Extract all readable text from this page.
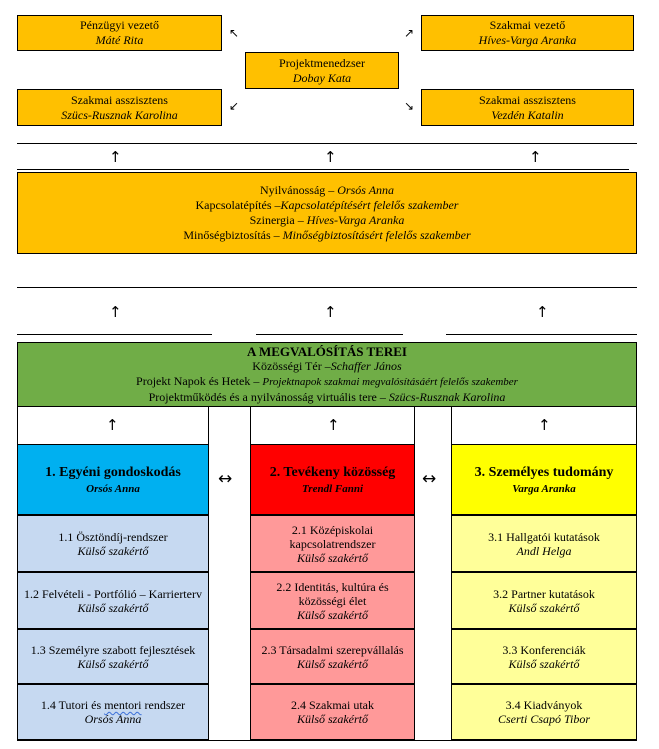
Pénzügyi vezető
Máté Rita
Szakmai vezető
Híves-Varga Aranka
Projektmenedzser
Dobay Kata
Szakmai asszisztens
Szücs-Rusznak Karolina
Szakmai asszisztens
Vezdén Katalin
↖	↗
↙	↘
↑	↑	↑
Nyilvánosság – Orsós Anna
Kapcsolatépítés –Kapcsolatépítésért felelős szakember
Szinergia – Híves-Varga Aranka
Minőségbiztosítás – Minőségbiztosításért felelős szakember
↑	↑	↑
A MEGVALÓSÍTÁS TEREI
Közösségi Tér –Schaffer János
Projekt Napok és Hetek – Projektnapok szakmai megvalósításáért felelős szakember
Projektműködés és a nyilvánosság virtuális tere – Szücs-Rusznak Karolina
↑	↑	↑
1. Egyéni gondoskodás
Orsós Anna
2. Tevékeny közösség
Trendl Fanni
3. Személyes tudomány
Varga Aranka
↔	↔
1.1 Ösztöndíj-rendszer
Külső szakértő
1.2 Felvételi - Portfólió – Karrierterv
Külső szakértő
1.3 Személyre szabott fejlesztések
Külső szakértő
1.4 Tutori és mentori rendszer
Orsós Anna
2.1 Középiskolai kapcsolatrendszer
Külső szakértő
2.2 Identitás, kultúra és közösségi élet
Külső szakértő
2.3 Társadalmi szerepvállalás
Külső szakértő
2.4 Szakmai utak
Külső szakértő
3.1 Hallgatói kutatások
Andl Helga
3.2 Partner kutatások
Külső szakértő
3.3 Konferenciák
Külső szakértő
3.4 Kiadványok
Cserti Csapó Tibor
